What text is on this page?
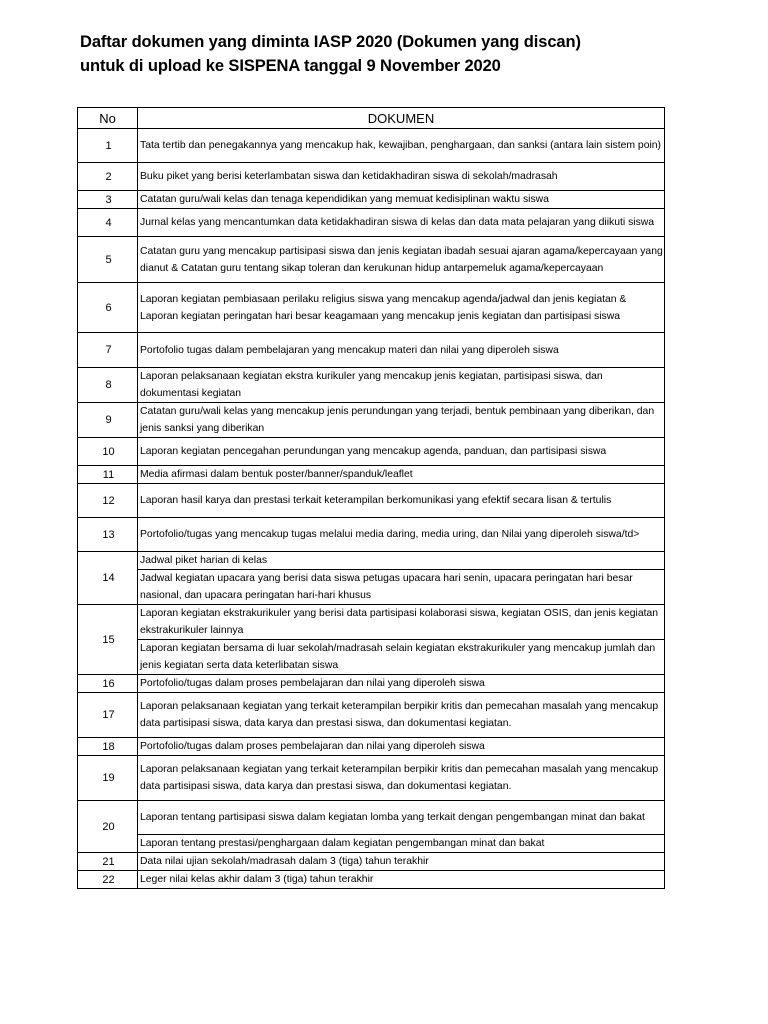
Daftar dokumen yang diminta IASP 2020 (Dokumen yang discan)
untuk di upload ke SISPENA tanggal 9 November 2020
No	DOKUMEN
1	Tata tertib dan penegakannya yang mencakup hak, kewajiban, penghargaan, dan sanksi (antara lain sistem poin)
2	Buku piket yang berisi keterlambatan siswa dan ketidakhadiran siswa di sekolah/madrasah
3	Catatan guru/wali kelas dan tenaga kependidikan yang memuat kedisiplinan waktu siswa
4	Jurnal kelas yang mencantumkan data ketidakhadiran siswa di kelas dan data mata pelajaran yang diikuti siswa
5	Catatan guru yang mencakup partisipasi siswa dan jenis kegiatan ibadah sesuai ajaran agama/kepercayaan yang dianut & Catatan guru tentang sikap toleran dan kerukunan hidup antarpemeluk agama/kepercayaan
6	Laporan kegiatan pembiasaan perilaku religius siswa yang mencakup agenda/jadwal dan jenis kegiatan & Laporan kegiatan peringatan hari besar keagamaan yang mencakup jenis kegiatan dan partisipasi siswa
7	Portofolio tugas dalam pembelajaran yang mencakup materi dan nilai yang diperoleh siswa
8	Laporan pelaksanaan kegiatan ekstra kurikuler yang mencakup jenis kegiatan, partisipasi siswa, dan dokumentasi kegiatan
9	Catatan guru/wali kelas yang mencakup jenis perundungan yang terjadi, bentuk pembinaan yang diberikan, dan jenis sanksi yang diberikan
10	Laporan kegiatan pencegahan perundungan yang mencakup agenda, panduan, dan partisipasi siswa
11	Media afirmasi dalam bentuk poster/banner/spanduk/leaflet
12	Laporan hasil karya dan prestasi terkait keterampilan berkomunikasi yang efektif secara lisan & tertulis
13	Portofolio/tugas yang mencakup tugas melalui media daring, media uring, dan Nilai yang diperoleh siswa/td>
14	Jadwal piket harian di kelas
	Jadwal kegiatan upacara yang berisi data siswa petugas upacara hari senin, upacara peringatan hari besar nasional, dan upacara peringatan hari-hari khusus
15	Laporan kegiatan ekstrakurikuler yang berisi data partisipasi kolaborasi siswa, kegiatan OSIS, dan jenis kegiatan ekstrakurikuler lainnya
	Laporan kegiatan bersama di luar sekolah/madrasah selain kegiatan ekstrakurikuler yang mencakup jumlah dan jenis kegiatan serta data keterlibatan siswa
16	Portofolio/tugas dalam proses pembelajaran dan nilai yang diperoleh siswa
17	Laporan pelaksanaan kegiatan yang terkait keterampilan berpikir kritis dan pemecahan masalah yang mencakup data partisipasi siswa, data karya dan prestasi siswa, dan dokumentasi kegiatan.
18	Portofolio/tugas dalam proses pembelajaran dan nilai yang diperoleh siswa
19	Laporan pelaksanaan kegiatan yang terkait keterampilan berpikir kritis dan pemecahan masalah yang mencakup data partisipasi siswa, data karya dan prestasi siswa, dan dokumentasi kegiatan.
20	Laporan tentang partisipasi siswa dalam kegiatan lomba yang terkait dengan pengembangan minat dan bakat
	Laporan tentang prestasi/penghargaan dalam kegiatan pengembangan minat dan bakat
21	Data nilai ujian sekolah/madrasah dalam 3 (tiga) tahun terakhir
22	Leger nilai kelas akhir dalam 3 (tiga) tahun terakhir
